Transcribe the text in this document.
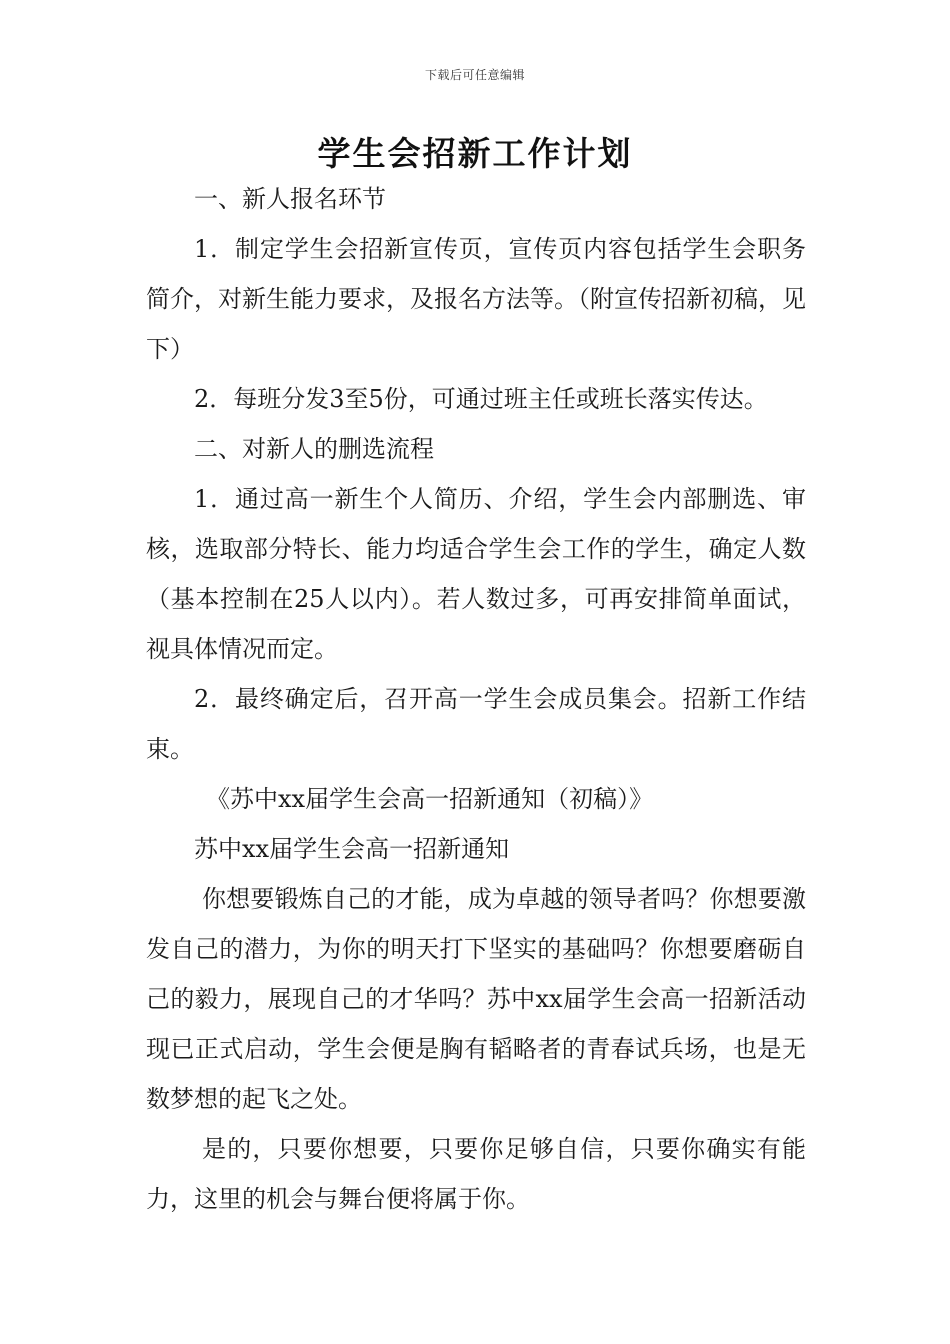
下载后可任意编辑
学生会招新工作计划

一、新人报名环节

1．制定学生会招新宣传页，宣传页内容包括学生会职务简介，对新生能力要求，及报名方法等。（附宣传招新初稿，见下）

2．每班分发3至5份，可通过班主任或班长落实传达。

二、对新人的删选流程

1．通过高一新生个人简历、介绍，学生会内部删选、审核，选取部分特长、能力均适合学生会工作的学生，确定人数（基本控制在25人以内）。若人数过多，可再安排简单面试，视具体情况而定。

2．最终确定后，召开高一学生会成员集会。招新工作结束。

《苏中xx届学生会高一招新通知（初稿）》

苏中xx届学生会高一招新通知

你想要锻炼自己的才能，成为卓越的领导者吗？你想要激发自己的潜力，为你的明天打下坚实的基础吗？你想要磨砺自己的毅力，展现自己的才华吗？苏中xx届学生会高一招新活动现已正式启动，学生会便是胸有韬略者的青春试兵场，也是无数梦想的起飞之处。

是的，只要你想要，只要你足够自信，只要你确实有能力，这里的机会与舞台便将属于你。
